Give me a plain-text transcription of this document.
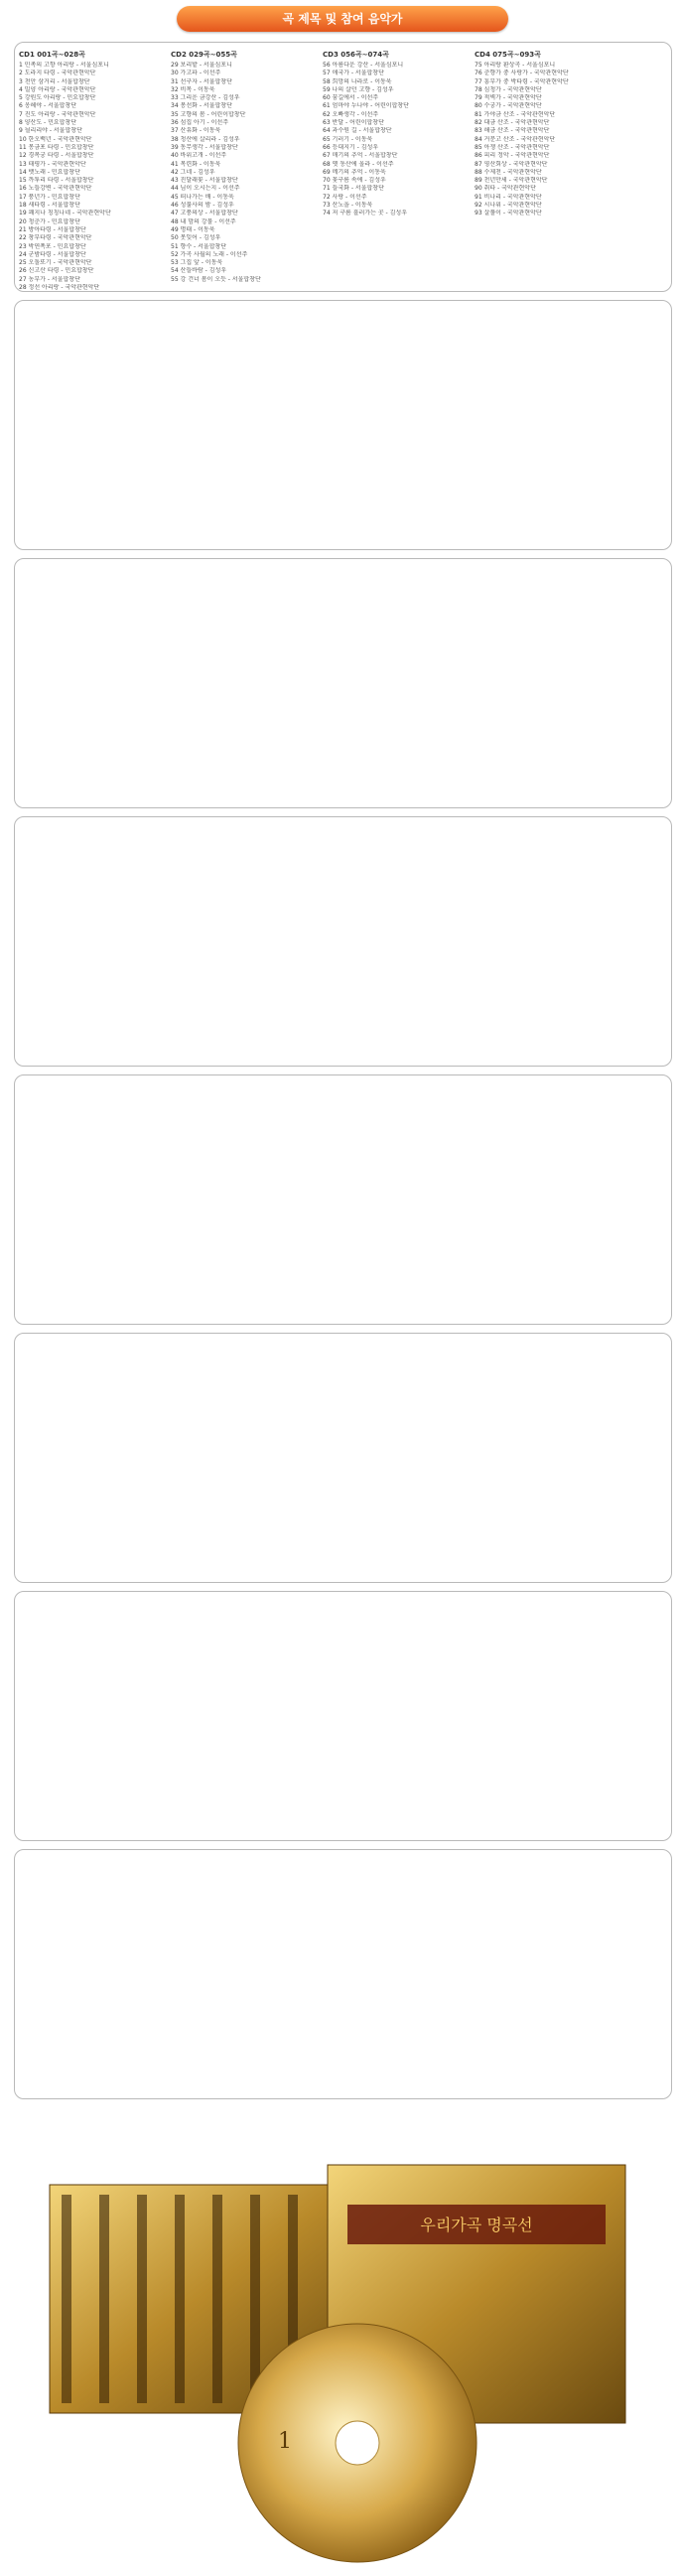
곡 제목 및 참여 음악가
CD1 001곡~028곡
1 민족의 고향 아리랑 - 서울심포니
2 도라지 타령 - 국악관현악단
3 천안 삼거리 - 서울합창단
4 밀양 아리랑 - 국악관현악단
5 강원도 아리랑 - 민요합창단
6 옹헤야 - 서울합창단
7 진도 아리랑 - 국악관현악단
8 양산도 - 민요합창단
9 늴리리야 - 서울합창단
10 한오백년 - 국악관현악단
11 몽금포 타령 - 민요합창단
12 경복궁 타령 - 서울합창단
13 태평가 - 국악관현악단
14 뱃노래 - 민요합창단
15 까투리 타령 - 서울합창단
16 노들강변 - 국악관현악단
17 풍년가 - 민요합창단
18 새타령 - 서울합창단
19 쾌지나 칭칭나네 - 국악관현악단
20 청춘가 - 민요합창단
21 방아타령 - 서울합창단
22 창부타령 - 국악관현악단
23 박연폭포 - 민요합창단
24 군밤타령 - 서울합창단
25 오돌또기 - 국악관현악단
26 신고산 타령 - 민요합창단
27 농부가 - 서울합창단
28 정선 아리랑 - 국악관현악단
CD2 029곡~055곡
29 보리밭 - 서울심포니
30 가고파 - 이선주
31 선구자 - 서울합창단
32 비목 - 이동욱
33 그리운 금강산 - 김성우
34 봉선화 - 서울합창단
35 고향의 봄 - 어린이합창단
36 섬집 아기 - 이선주
37 산유화 - 이동욱
38 청산에 살리라 - 김성우
39 동무생각 - 서울합창단
40 바위고개 - 이선주
41 목련화 - 이동욱
42 그네 - 김성우
43 진달래꽃 - 서울합창단
44 님이 오시는지 - 이선주
45 떠나가는 배 - 이동욱
46 성불사의 밤 - 김성우
47 고풍의상 - 서울합창단
48 내 맘의 강물 - 이선주
49 명태 - 이동욱
50 못잊어 - 김성우
51 향수 - 서울합창단
52 가곡 사월의 노래 - 이선주
53 그집 앞 - 이동욱
54 산들바람 - 김성우
55 강 건너 봄이 오듯 - 서울합창단
CD3 056곡~074곡
56 아름다운 강산 - 서울심포니
57 애국가 - 서울합창단
58 희망의 나라로 - 이동욱
59 나의 살던 고향 - 김성우
60 꿈길에서 - 이선주
61 엄마야 누나야 - 어린이합창단
62 오빠생각 - 이선주
63 반달 - 어린이합창단
64 과수원 길 - 서울합창단
65 기러기 - 이동욱
66 등대지기 - 김성우
67 매기의 추억 - 서울합창단
68 옛 동산에 올라 - 이선주
69 메기의 추억 - 이동욱
70 꽃구름 속에 - 김성우
71 들국화 - 서울합창단
72 사랑 - 이선주
73 산노을 - 이동욱
74 저 구름 흘러가는 곳 - 김성우
CD4 075곡~093곡
75 아리랑 환상곡 - 서울심포니
76 춘향가 중 사랑가 - 국악관현악단
77 흥부가 중 박타령 - 국악관현악단
78 심청가 - 국악관현악단
79 적벽가 - 국악관현악단
80 수궁가 - 국악관현악단
81 가야금 산조 - 국악관현악단
82 대금 산조 - 국악관현악단
83 해금 산조 - 국악관현악단
84 거문고 산조 - 국악관현악단
85 아쟁 산조 - 국악관현악단
86 피리 정악 - 국악관현악단
87 영산회상 - 국악관현악단
88 수제천 - 국악관현악단
89 천년만세 - 국악관현악단
90 취타 - 국악관현악단
91 비나리 - 국악관현악단
92 시나위 - 국악관현악단
93 살풀이 - 국악관현악단
우리가곡 명곡선
1
